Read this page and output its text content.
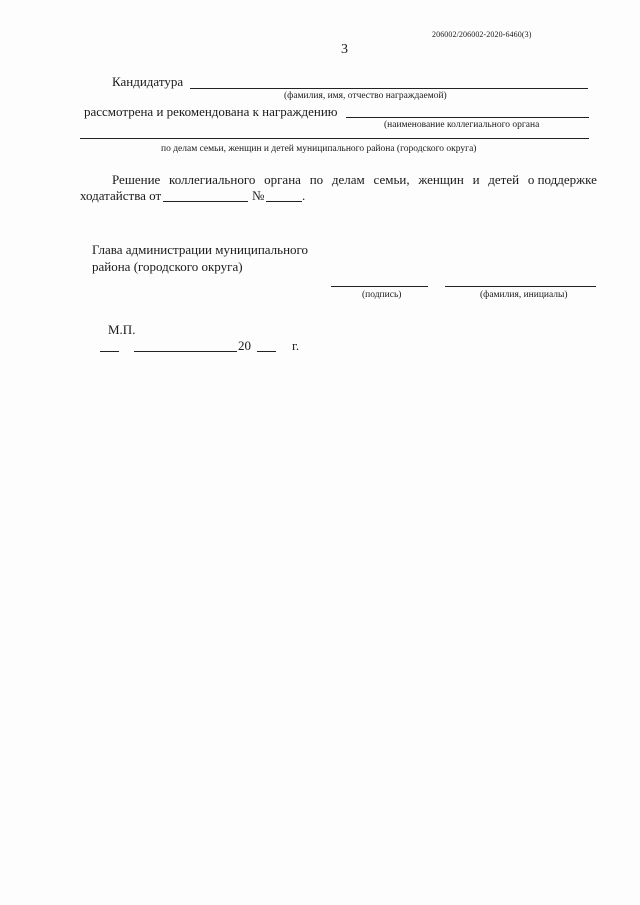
206002/206002-2020-6460(3)
3
Кандидатура
(фамилия, имя, отчество награждаемой)
рассмотрена и рекомендована к награждению
(наименование коллегиального органа
по делам семьи, женщин и детей муниципального района (городского округа)
Решение коллегиального органа по делам семьи, женщин и детей о поддержке
ходатайства от	№	.
Глава администрации муниципального
района (городского округа)
(подпись)	(фамилия, инициалы)
М.П.
20	г.
